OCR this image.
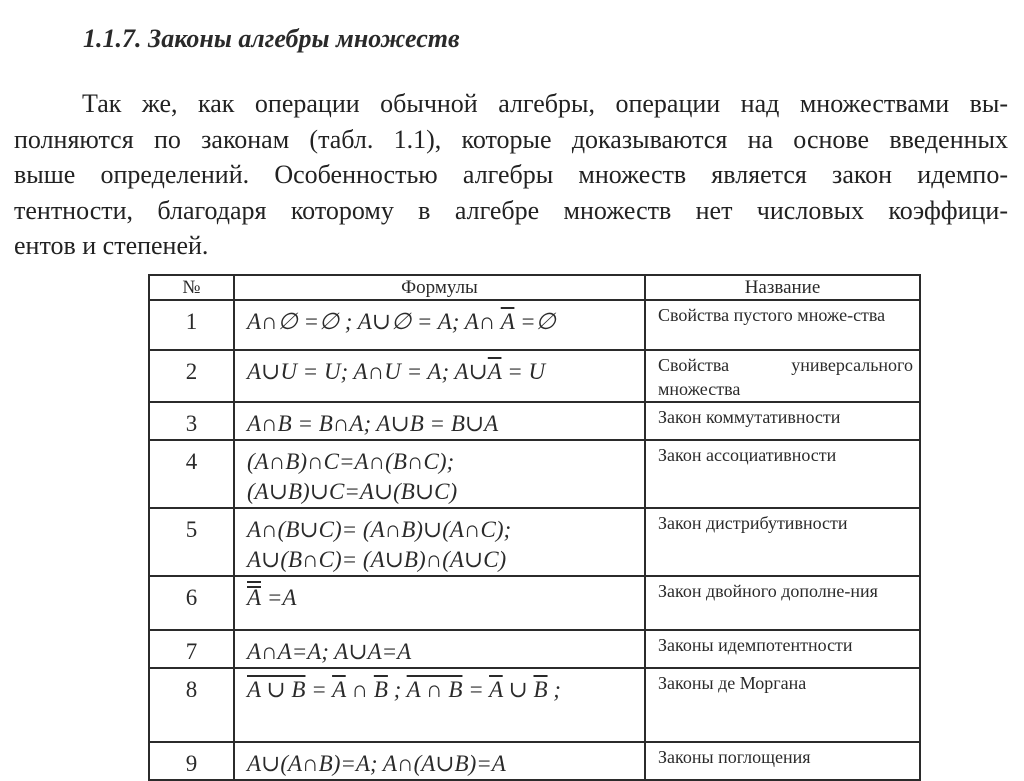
1.1.7. Законы алгебры множеств
Так же, как операции обычной алгебры, операции над множествами вы-
полняются по законам (табл. 1.1), которые доказываются на основе введенных
выше определений. Особенностью алгебры множеств является закон идемпо-
тентности, благодаря которому в алгебре множеств нет числовых коэффици-
ентов и степеней.
№	Формулы	Название
1	A∩∅ =∅ ; A∪∅ = A; A∩ $\overline{A}$ =∅	Свойства пустого множе-ства
2	A∪U = U; A∩U = A; $A\cup\overline{A} = U$	Свойства универсального множества
3	A∩B = B∩A; A∪B = B∪A	Закон коммутативности
4	(A∩B)∩C=A∩(B∩C);
(A∪B)∪C=A∪(B∪C)	Закон ассоциативности
5	A∩(B∪C)= (A∩B)∪(A∩C);
A∪(B∩C)= (A∪B)∩(A∪C)	Закон дистрибутивности
6	A =A	Закон двойного дополне-ния
7	A∩A=A; A∪A=A	Законы идемпотентности
8	A ∪ $B = \overline{A}$ ∩ $\overline{B}$ ; A ∩ $B = \overline{A}$ ∪ $\overline{B}$ ;	Законы де Моргана
9	A∪(A∩B)=A; A∩(A∪B)=A	Законы поглощения
